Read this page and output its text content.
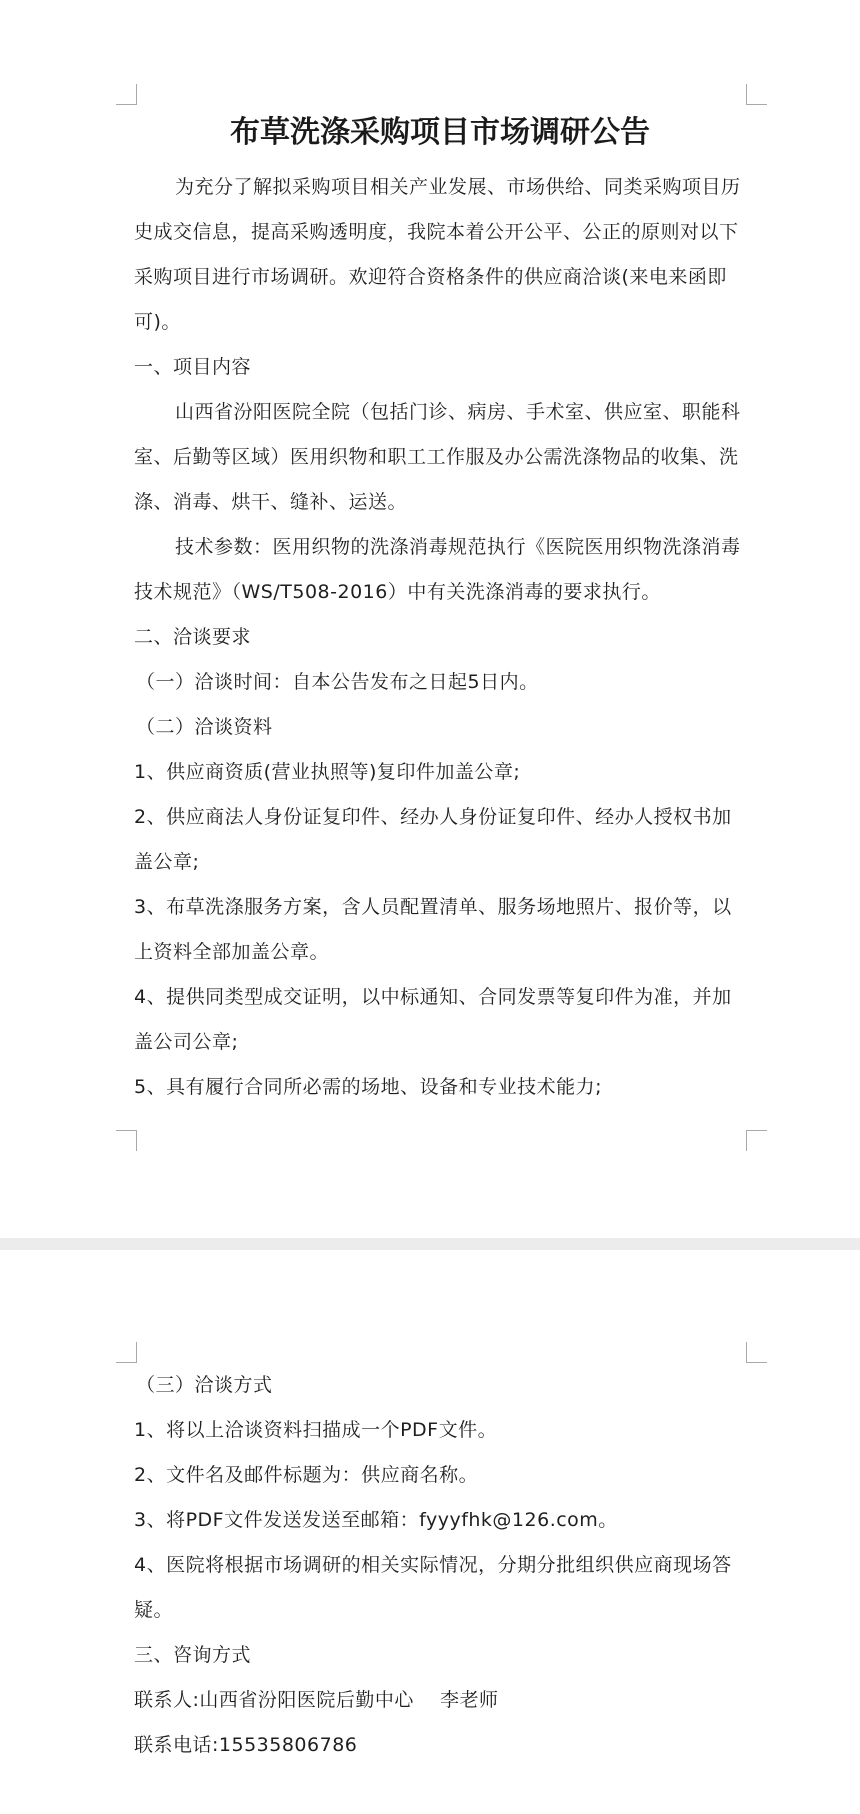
布草洗涤采购项目市场调研公告

为充分了解拟采购项目相关产业发展、市场供给、同类采购项目历史成交信息，提高采购透明度，我院本着公开公平、公正的原则对以下采购项目进行市场调研。欢迎符合资格条件的供应商洽谈(来电来函即可)。

一、项目内容

山西省汾阳医院全院（包括门诊、病房、手术室、供应室、职能科室、后勤等区域）医用织物和职工工作服及办公需洗涤物品的收集、洗涤、消毒、烘干、缝补、运送。

技术参数：医用织物的洗涤消毒规范执行《医院医用织物洗涤消毒技术规范》（WS/T508-2016）中有关洗涤消毒的要求执行。

二、洽谈要求

（一）洽谈时间：自本公告发布之日起5日内。

（二）洽谈资料

1、供应商资质(营业执照等)复印件加盖公章;

2、供应商法人身份证复印件、经办人身份证复印件、经办人授权书加盖公章;

3、布草洗涤服务方案，含人员配置清单、服务场地照片、报价等，以上资料全部加盖公章。

4、提供同类型成交证明，以中标通知、合同发票等复印件为准，并加盖公司公章;

5、具有履行合同所必需的场地、设备和专业技术能力;

（三）洽谈方式

1、将以上洽谈资料扫描成一个PDF文件。

2、文件名及邮件标题为：供应商名称。

3、将PDF文件发送发送至邮箱：fyyyfhk@126.com。

4、医院将根据市场调研的相关实际情况，分期分批组织供应商现场答疑。

三、咨询方式

联系人:山西省汾阳医院后勤中心　 李老师

联系电话:15535806786
